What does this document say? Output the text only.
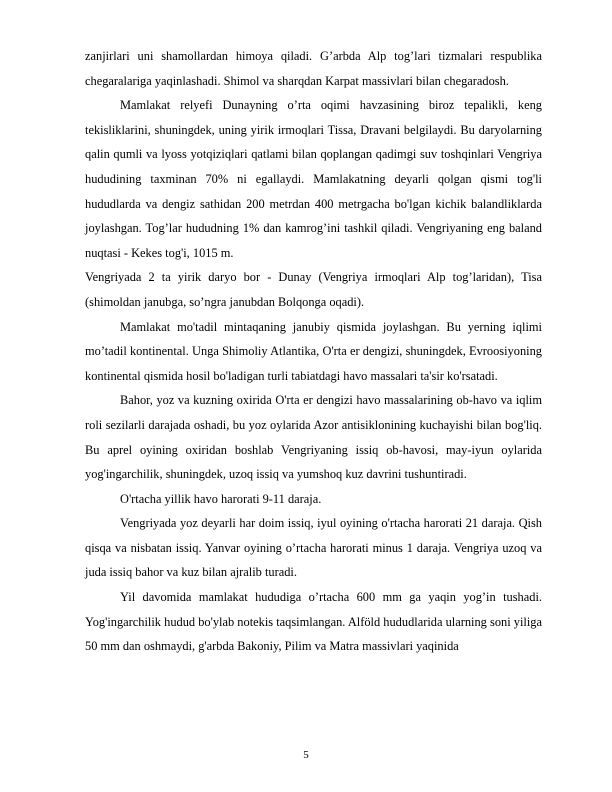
zanjirlari uni shamollardan himoya qiladi. G’arbda Alp tog’lari tizmalari respublika chegaralariga yaqinlashadi. Shimol va sharqdan Karpat massivlari bilan chegaradosh.

Mamlakat relyefi Dunayning o’rta oqimi havzasining biroz tepalikli, keng tekisliklarini, shuningdek, uning yirik irmoqlari Tissa, Dravani belgilaydi. Bu daryolarning qalin qumli va lyoss yotqiziqlari qatlami bilan qoplangan qadimgi suv toshqinlari Vengriya hududining taxminan 70% ni egallaydi. Mamlakatning deyarli qolgan qismi tog'li hududlarda va dengiz sathidan 200 metrdan 400 metrgacha bo'lgan kichik balandliklarda joylashgan. Tog’lar hududning 1% dan kamrog’ini tashkil qiladi. Vengriyaning eng baland nuqtasi - Kekes tog'i, 1015 m.

Vengriyada 2 ta yirik daryo bor - Dunay (Vengriya irmoqlari Alp tog’laridan), Tisa (shimoldan janubga, so’ngra janubdan Bolqonga oqadi).

Mamlakat mo'tadil mintaqaning janubiy qismida joylashgan. Bu yerning iqlimi mo’tadil kontinental. Unga Shimoliy Atlantika, O'rta er dengizi, shuningdek, Evroosiyoning kontinental qismida hosil bo'ladigan turli tabiatdagi havo massalari ta'sir ko'rsatadi.

Bahor, yoz va kuzning oxirida O'rta er dengizi havo massalarining ob-havo va iqlim roli sezilarli darajada oshadi, bu yoz oylarida Azor antisiklonining kuchayishi bilan bog'liq. Bu aprel oyining oxiridan boshlab Vengriyaning issiq ob-havosi, may-iyun oylarida yog'ingarchilik, shuningdek, uzoq issiq va yumshoq kuz davrini tushuntiradi.

O'rtacha yillik havo harorati 9-11 daraja.

Vengriyada yoz deyarli har doim issiq, iyul oyining o'rtacha harorati 21 daraja. Qish qisqa va nisbatan issiq. Yanvar oyining o’rtacha harorati minus 1 daraja. Vengriya uzoq va juda issiq bahor va kuz bilan ajralib turadi.

Yil davomida mamlakat hududiga o’rtacha 600 mm ga yaqin yog’in tushadi. Yog'ingarchilik hudud bo'ylab notekis taqsimlangan. Alföld hududlarida ularning soni yiliga 50 mm dan oshmaydi, g'arbda Bakoniy, Pilim va Matra massivlari yaqinida

5
